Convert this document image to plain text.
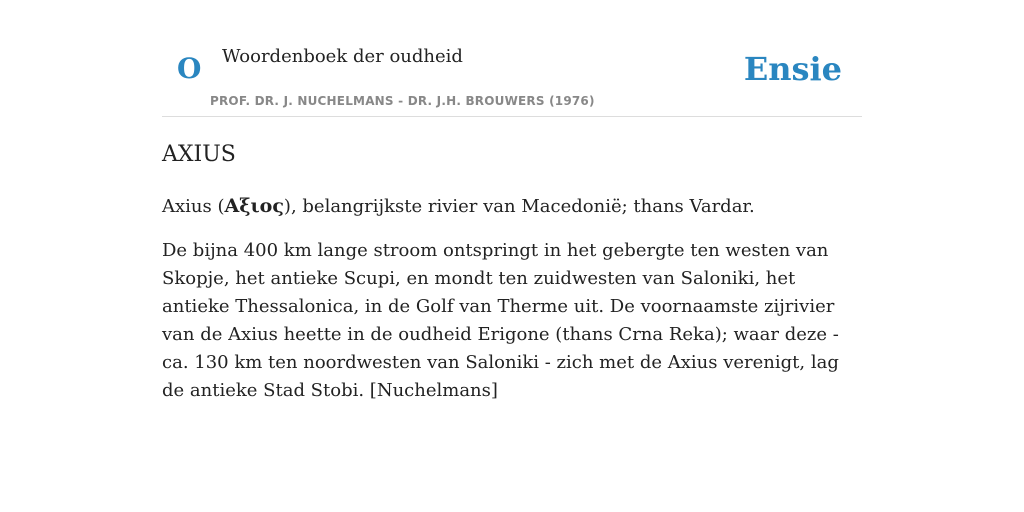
O Woordenboek der oudheid
PROF. DR. J. NUCHELMANS - DR. J.H. BROUWERS (1976)
Ensie
AXIUS

Axius (Αξιος), belangrijkste rivier van Macedonië; thans Vardar.

De bijna 400 km lange stroom ontspringt in het gebergte ten westen van Skopje, het antieke Scupi, en mondt ten zuidwesten van Saloniki, het antieke Thessalonica, in de Golf van Therme uit. De voornaamste zijrivier van de Axius heette in de oudheid Erigone (thans Crna Reka); waar deze - ca. 130 km ten noordwesten van Saloniki - zich met de Axius verenigt, lag de antieke Stad Stobi. [Nuchelmans]
